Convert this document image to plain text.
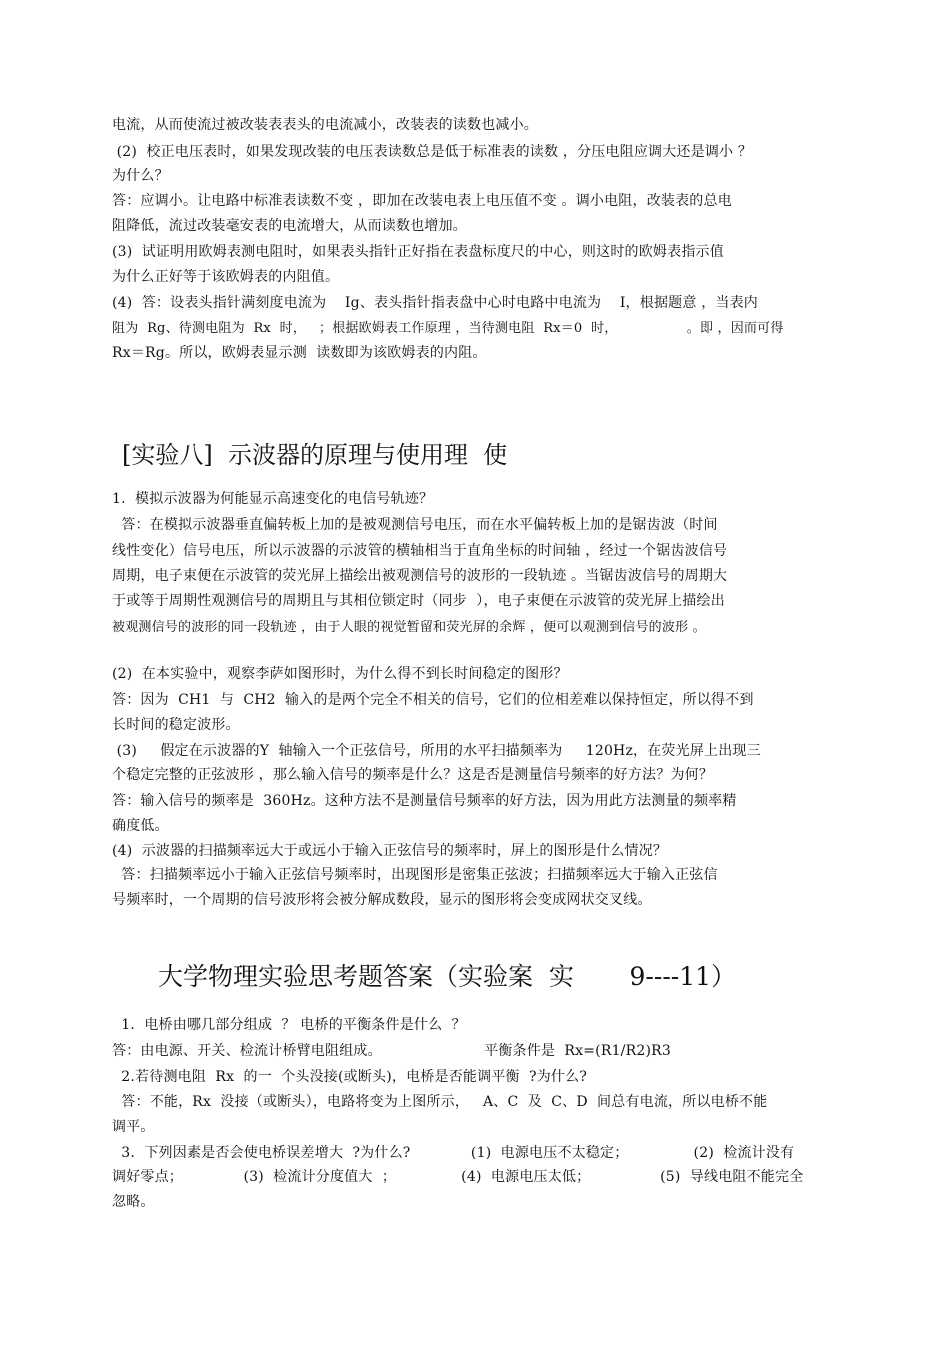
电流，从而使流过被改装表表头的电流减小，改装表的读数也减小。
(2)  校正电压表时，如果发现改装的电压表读数总是低于标准表的读数 ，分压电阻应调大还是调小 ？
为什么？
答：应调小。让电路中标准表读数不变 ，即加在改装电表上电压值不变 。调小电阻，改装表的总电
阻降低，流过改装毫安表的电流增大，从而读数也增加。
(3)  试证明用欧姆表测电阻时，如果表头指针正好指在表盘标度尺的中心，则这时的欧姆表指示值
为什么正好等于该欧姆表的内阻值。
(4)  答：设表头指针满刻度电流为    Ig、表头指针指表盘中心时电路中电流为    I，根据题意 ，当表内
阻为  Rg、待测电阻为  Rx  时，   ；根据欧姆表工作原理 ，当待测电阻  Rx＝0  时，                。即 ，因而可得
Rx＝Rg。所以，欧姆表显示测  读数即为该欧姆表的内阻。
[实验八]  示波器的原理与使用理  使
1.  模拟示波器为何能显示高速变化的电信号轨迹？
答：在模拟示波器垂直偏转板上加的是被观测信号电压，而在水平偏转板上加的是锯齿波（时间
线性变化）信号电压，所以示波器的示波管的横轴相当于直角坐标的时间轴 ，经过一个锯齿波信号
周期，电子束便在示波管的荧光屏上描绘出被观测信号的波形的一段轨迹 。当锯齿波信号的周期大
于或等于周期性观测信号的周期且与其相位锁定时（同步  ），电子束便在示波管的荧光屏上描绘出
被观测信号的波形的同一段轨迹 ，由于人眼的视觉暂留和荧光屏的余辉 ，便可以观测到信号的波形 。
(2)  在本实验中，观察李萨如图形时，为什么得不到长时间稳定的图形？
答：因为  CH1  与  CH2  输入的是两个完全不相关的信号，它们的位相差难以保持恒定，所以得不到
长时间的稳定波形。
(3)     假定在示波器的Y  轴输入一个正弦信号，所用的水平扫描频率为     120Hz，在荧光屏上出现三
个稳定完整的正弦波形 ，那么输入信号的频率是什么？这是否是测量信号频率的好方法？为何？
答：输入信号的频率是  360Hz。这种方法不是测量信号频率的好方法，因为用此方法测量的频率精
确度低。
(4)  示波器的扫描频率远大于或远小于输入正弦信号的频率时，屏上的图形是什么情况？
答：扫描频率远小于输入正弦信号频率时，出现图形是密集正弦波；扫描频率远大于输入正弦信
号频率时，一个周期的信号波形将会被分解成数段，显示的图形将会变成网状交叉线。
大学物理实验思考题答案（实验案  实       9----11）
1.  电桥由哪几部分组成  ？ 电桥的平衡条件是什么  ？
答：由电源、开关、检流计桥臂电阻组成。                      平衡条件是  Rx=(R1/R2)R3
2.若待测电阻  Rx  的一  个头没接(或断头)，电桥是否能调平衡  ?为什么?
答：不能，Rx  没接（或断头），电路将变为上图所示，   A、C  及  C、D  间总有电流，所以电桥不能
调平。
3.  下列因素是否会使电桥误差增大  ?为什么?             (1)  电源电压不太稳定；              (2)  检流计没有
调好零点；             (3)  检流计分度值大  ；              (4)  电源电压太低；               (5)  导线电阻不能完全
忽略。
